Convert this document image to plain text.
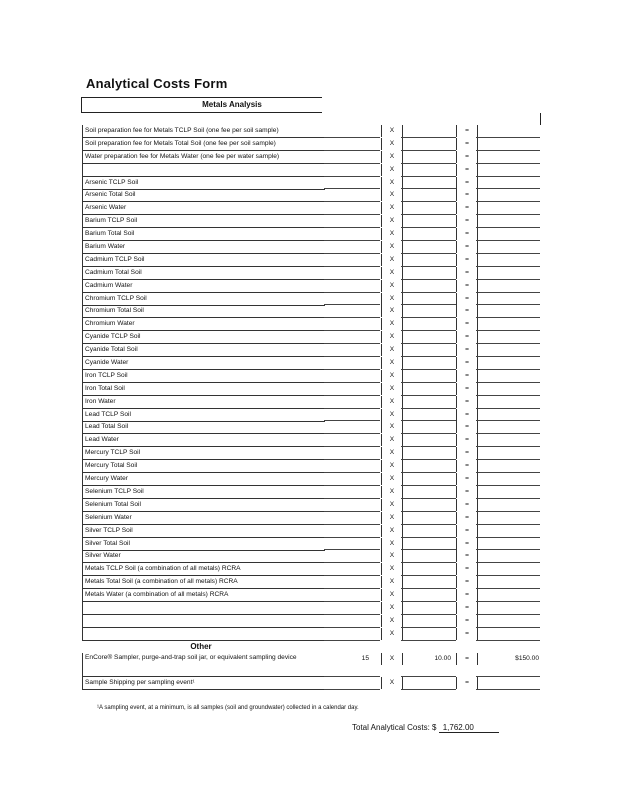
Analytical Costs Form
Metals Analysis
Soil preparation fee for Metals TCLP Soil (one fee per soil sample)	X	=
Soil preparation fee for Metals Total Soil (one fee per soil sample)	X	=
Water preparation fee for Metals Water (one fee per water sample)	X	=
X	=
Arsenic TCLP Soil	X	=
Arsenic Total Soil	X	=
Arsenic Water	X	=
Barium TCLP Soil	X	=
Barium Total Soil	X	=
Barium Water	X	=
Cadmium TCLP Soil	X	=
Cadmium Total Soil	X	=
Cadmium Water	X	=
Chromium TCLP Soil	X	=
Chromium Total Soil	X	=
Chromium Water	X	=
Cyanide TCLP Soil	X	=
Cyanide Total Soil	X	=
Cyanide Water	X	=
Iron TCLP Soil	X	=
Iron Total Soil	X	=
Iron Water	X	=
Lead TCLP Soil	X	=
Lead Total Soil	X	=
Lead Water	X	=
Mercury TCLP Soil	X	=
Mercury Total Soil	X	=
Mercury Water	X	=
Selenium TCLP Soil	X	=
Selenium Total Soil	X	=
Selenium Water	X	=
Silver TCLP Soil	X	=
Silver Total Soil	X	=
Silver Water	X	=
Metals TCLP Soil (a combination of all metals) RCRA	X	=
Metals Total Soil (a combination of all metals) RCRA	X	=
Metals Water (a combination of all metals) RCRA	X	=
X	=
X	=
X	=
Other
EnCore® Sampler, purge-and-trap soil jar, or equivalent sampling device	15	X	10.00	=	$150.00
Sample Shipping per sampling event¹	X	=
¹A sampling event, at a minimum, is all samples (soil and groundwater) collected in a calendar day.
Total Analytical Costs: $ 1,762.00
